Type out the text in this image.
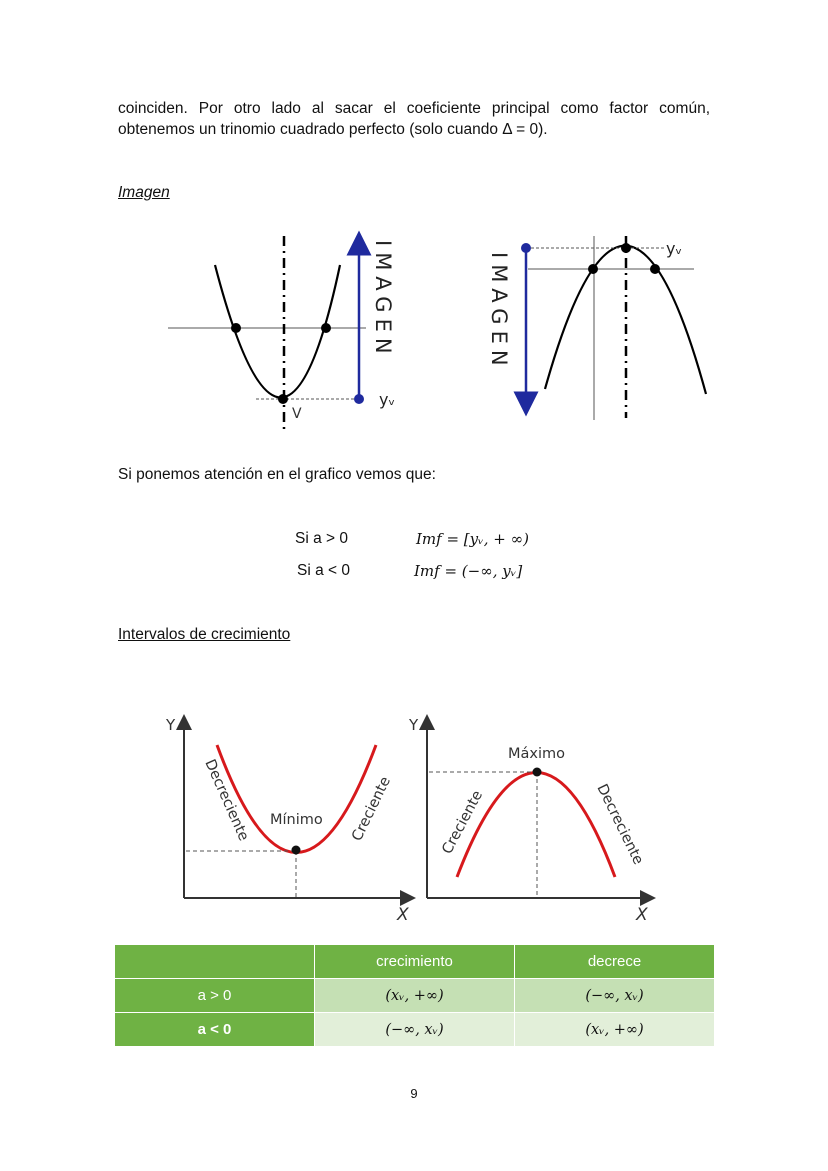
coinciden. Por otro lado al sacar el coeficiente principal como factor común,
obtenemos un trinomio cuadrado perfecto (solo cuando Δ = 0).
Imagen
V
yᵥ
IMAGEN	yᵥ
IMAGEN
Si ponemos atención en el grafico vemos que:
Si a > 0	Imf = [yᵥ, + ∞)
Si a < 0	Imf = (−∞, yᵥ]
Intervalos de crecimiento
Y
X
Mínimo
Decreciente	Creciente
Y
X
Máximo
Creciente	Decreciente
	crecimiento	decrece
a > 0	(xᵥ, +∞)	(−∞, xᵥ)
a < 0	(−∞, xᵥ)	(xᵥ, +∞)
9
